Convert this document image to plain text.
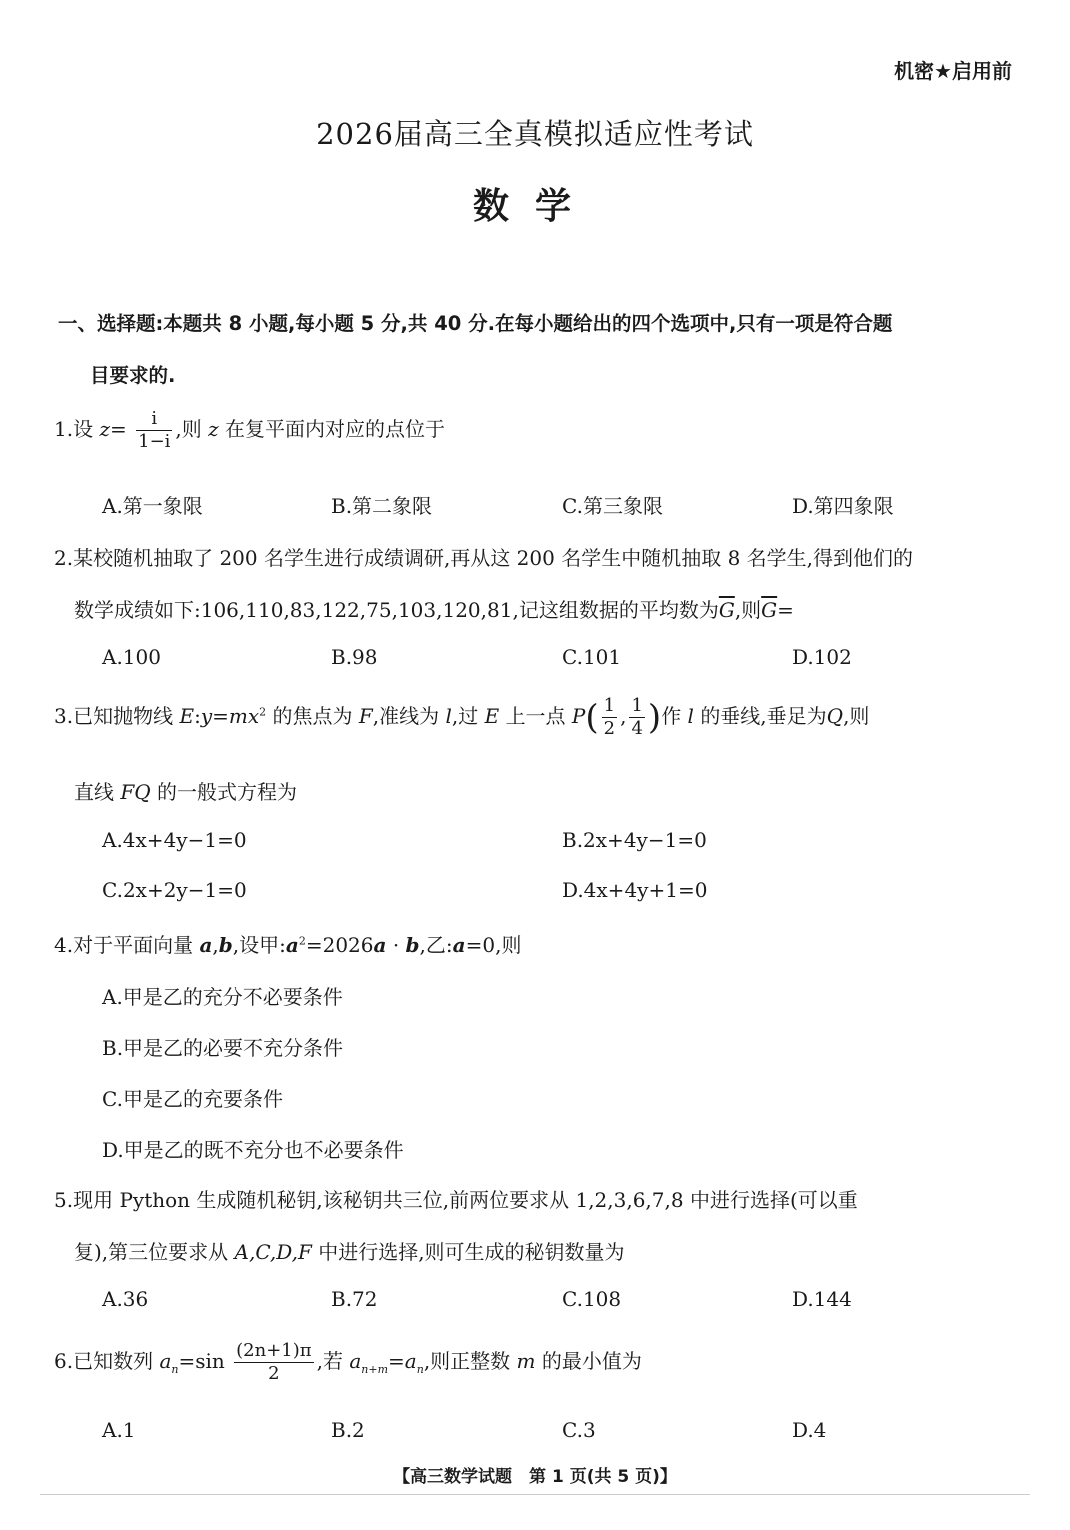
机密★启用前
2026届高三全真模拟适应性考试
数学
一、选择题:本题共 8 小题,每小题 5 分,共 40 分.在每小题给出的四个选项中,只有一项是符合题
目要求的.
1.设 $z= \frac{i}{1-i}$ ,则 z 在复平面内对应的点位于
A.第一象限	B.第二象限	C.第三象限	D.第四象限
2.某校随机抽取了 200 名学生进行成绩调研,再从这 200 名学生中随机抽取 8 名学生,得到他们的
数学成绩如下:106,110,83,122,75,103,120,81,记这组数据的平均数为$\overline{G}$,则$\overline{G}=$
A.100	B.98	C.101	D.102
3.已知抛物线 $E:y=mx^2$ 的焦点为 F,准线为 l,过 E 上一点 $P( \frac{1}{2}$ , $\frac{1}{4}$ )作 l 的垂线,垂足为Q,则
直线 FQ 的一般式方程为
A.4x+4y−1=0	B.2x+4y−1=0
C.2x+2y−1=0	D.4x+4y+1=0
4.对于平面向量 a,b,设甲$:a^2=2026a \cdot b$,乙:a=0,则
A.甲是乙的充分不必要条件
B.甲是乙的必要不充分条件
C.甲是乙的充要条件
D.甲是乙的既不充分也不必要条件
5.现用 Python 生成随机秘钥,该秘钥共三位,前两位要求从 1,2,3,6,7,8 中进行选择(可以重
复),第三位要求从 A,C,D,F 中进行选择,则可生成的秘钥数量为
A.36	B.72	C.108	D.144
6.已知数列 $a_n=\sin \frac{(2n+1)\pi}{2}$ ,若 $a_{n+m}=a_n$,则正整数 m 的最小值为
A.1	B.2	C.3	D.4
【高三数学试题　第 1 页(共 5 页)】
